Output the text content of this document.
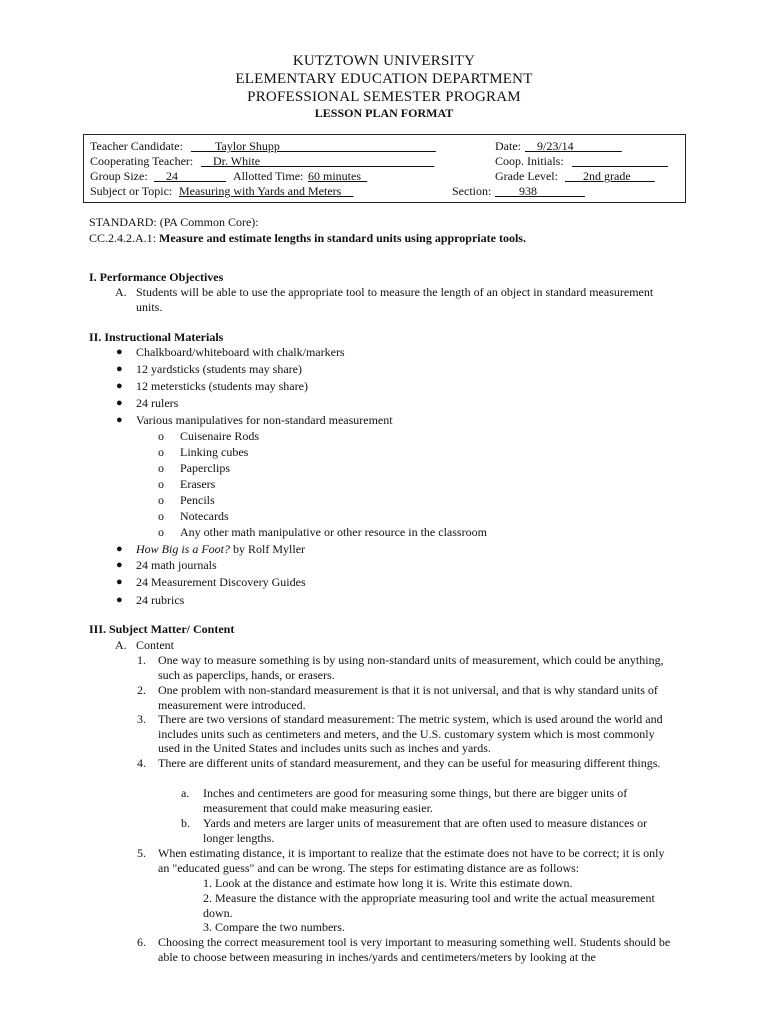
KUTZTOWN UNIVERSITY
ELEMENTARY EDUCATION DEPARTMENT
PROFESSIONAL SEMESTER PROGRAM
LESSON PLAN FORMAT
Teacher Candidate: ____Taylor Shupp__________________________	Date: __9/23/14________
Cooperating Teacher: __Dr. White_____________________________	Coop. Initials: ________________
Group Size: __24________ Allotted Time: 60 minutes_	Grade Level: ___2nd grade____
Subject or Topic: Measuring with Yards and Meters__	Section: ____938________
STANDARD: (PA Common Core):
CC.2.4.2.A.1: Measure and estimate lengths in standard units using appropriate tools.
I. Performance Objectives
A. Students will be able to use the appropriate tool to measure the length of an object in standard measurement units.
II. Instructional Materials
● Chalkboard/whiteboard with chalk/markers
● 12 yardsticks (students may share)
● 12 metersticks (students may share)
● 24 rulers
● Various manipulatives for non-standard measurement
o Cuisenaire Rods
o Linking cubes
o Paperclips
o Erasers
o Pencils
o Notecards
o Any other math manipulative or other resource in the classroom
● How Big is a Foot? by Rolf Myller
● 24 math journals
● 24 Measurement Discovery Guides
● 24 rubrics
III. Subject Matter/ Content
A. Content
1. One way to measure something is by using non-standard units of measurement, which could be anything, such as paperclips, hands, or erasers.
2. One problem with non-standard measurement is that it is not universal, and that is why standard units of measurement were introduced.
3. There are two versions of standard measurement: The metric system, which is used around the world and includes units such as centimeters and meters, and the U.S. customary system which is most commonly used in the United States and includes units such as inches and yards.
4. There are different units of standard measurement, and they can be useful for measuring different things.
a. Inches and centimeters are good for measuring some things, but there are bigger units of measurement that could make measuring easier.
b. Yards and meters are larger units of measurement that are often used to measure distances or longer lengths.
5. When estimating distance, it is important to realize that the estimate does not have to be correct; it is only an "educated guess" and can be wrong. The steps for estimating distance are as follows:
1. Look at the distance and estimate how long it is. Write this estimate down.
2. Measure the distance with the appropriate measuring tool and write the actual measurement down.
3. Compare the two numbers.
6. Choosing the correct measurement tool is very important to measuring something well. Students should be able to choose between measuring in inches/yards and centimeters/meters by looking at the
